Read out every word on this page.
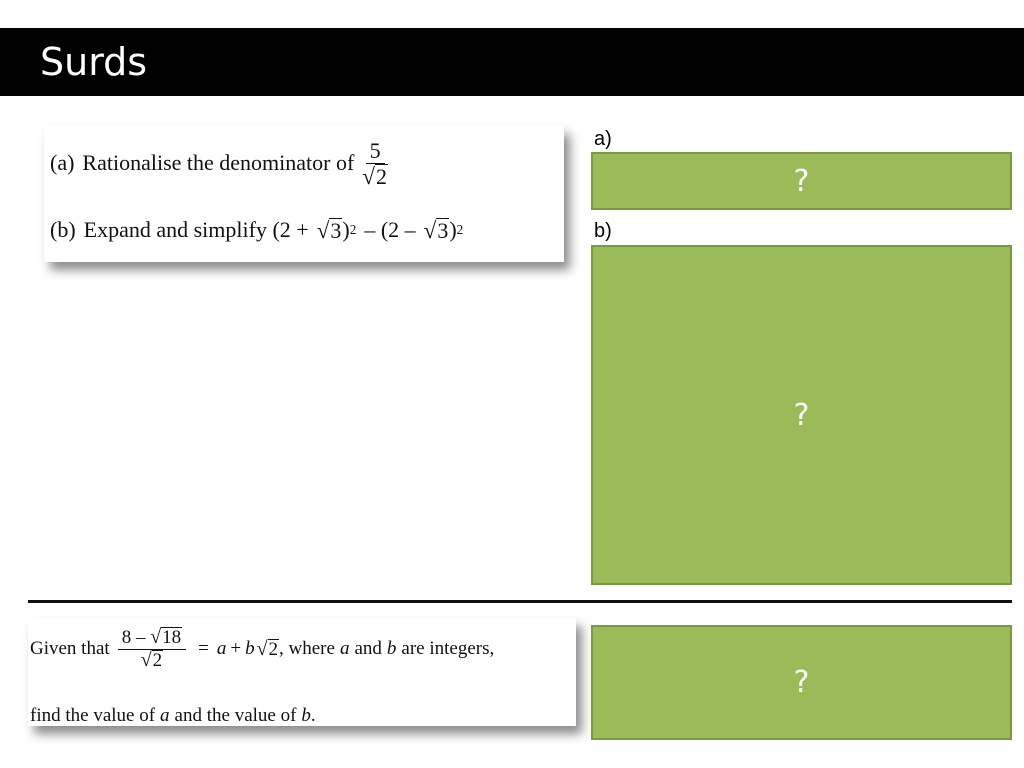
Surds
(a) Rationalise the denominator of $\frac{5}{√ 2}$
(b) Expand and simplify (2 + √ 3 ) 2 – (2 – √ 3 ) 2
a)
?
b)
?
Given that $\frac{8 - √ 18}{√ 2} = a + b$ √ 2 , where a and b are integers,
find the value of a and the value of b .
?
